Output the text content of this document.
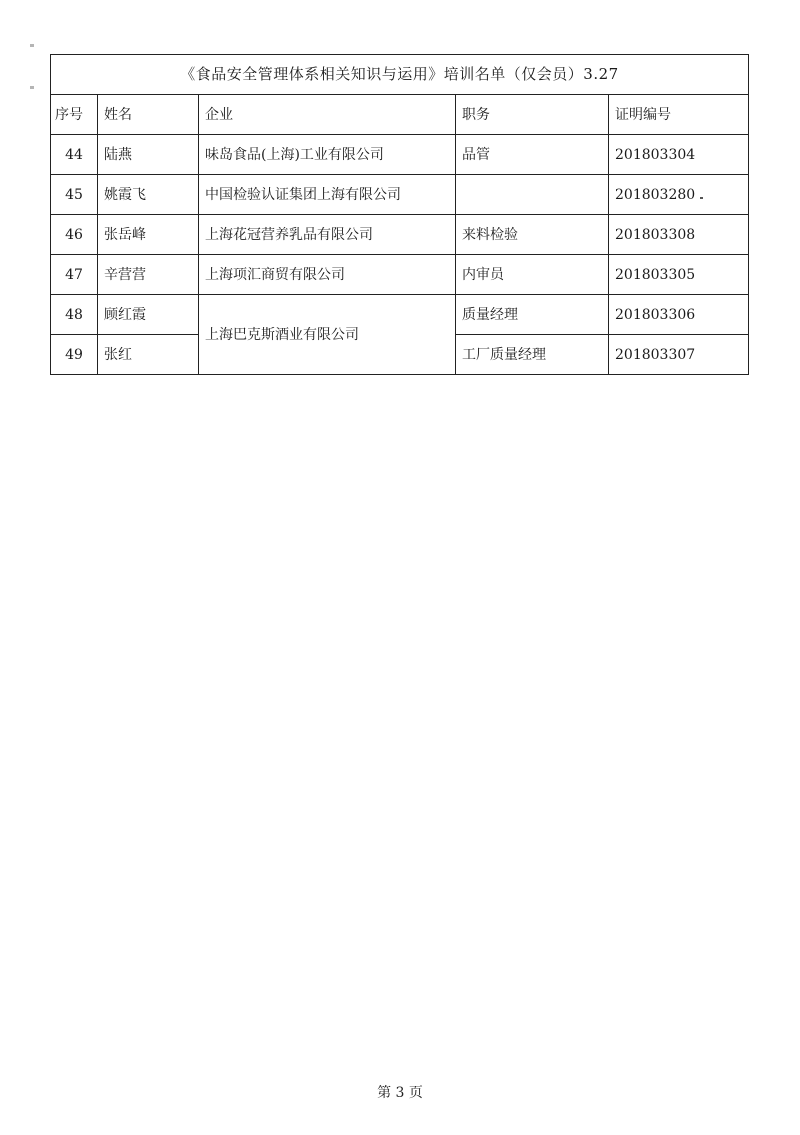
《食品安全管理体系相关知识与运用》培训名单（仅会员）3.27				
序号	姓名	企业	职务	证明编号
44	陆燕	味岛食品(上海)工业有限公司	品管	201803304
45	姚霞飞	中国检验认证集团上海有限公司		201803280
46	张岳峰	上海花冠营养乳品有限公司	来料检验	201803308
47	辛营营	上海项汇商贸有限公司	内审员	201803305
48	顾红霞	上海巴克斯酒业有限公司	质量经理	201803306
49	张红		工厂质量经理	201803307
第 3 页
